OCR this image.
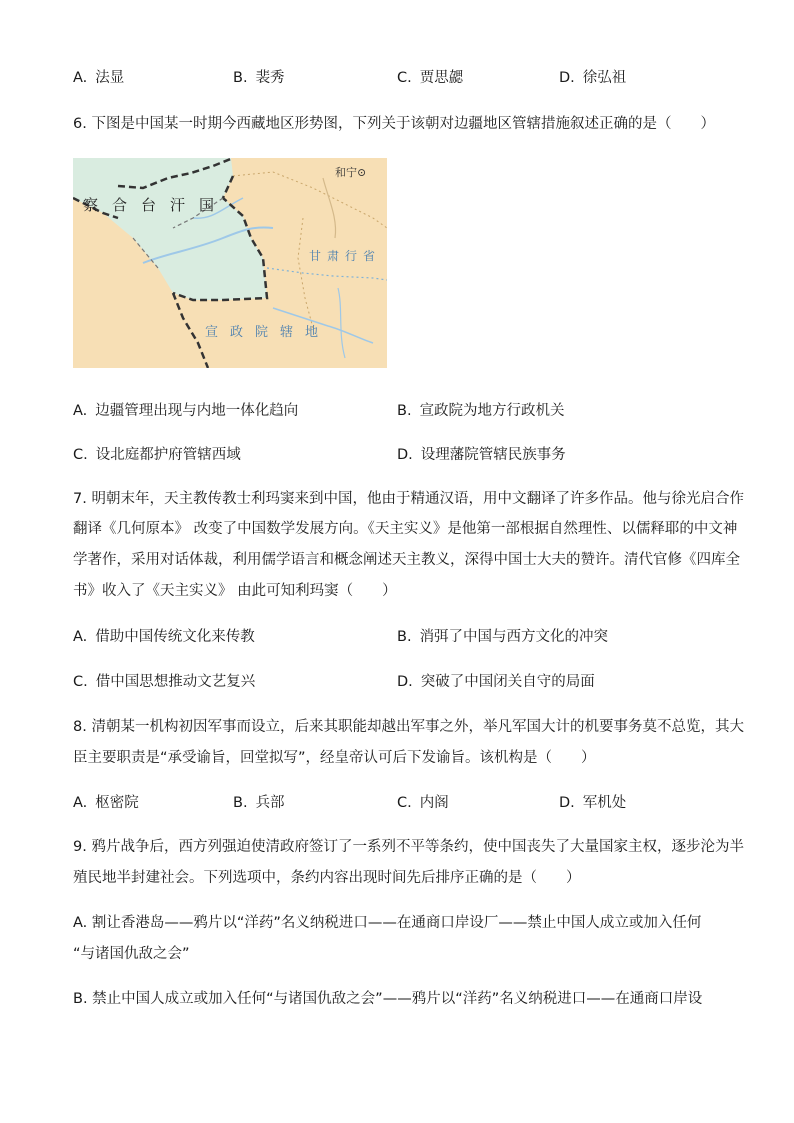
A. 法显	B. 裴秀	C. 贾思勰	D. 徐弘祖
6. 下图是中国某一时期今西藏地区形势图，下列关于该朝对边疆地区管辖措施叙述正确的是（　　）
和宁⊙
察合台汗国
甘肃行省
宣政院辖地
A. 边疆管理出现与内地一体化趋向	B. 宣政院为地方行政机关
C. 设北庭都护府管辖西域	D. 设理藩院管辖民族事务
7. 明朝末年，天主教传教士利玛窦来到中国，他由于精通汉语，用中文翻译了许多作品。他与徐光启合作
翻译《几何原本》 改变了中国数学发展方向。《天主实义》是他第一部根据自然理性、以儒释耶的中文神
学著作，采用对话体裁，利用儒学语言和概念阐述天主教义，深得中国士大夫的赞许。清代官修《四库全
书》收入了《天主实义》 由此可知利玛窦（　　）
A. 借助中国传统文化来传教	B. 消弭了中国与西方文化的冲突
C. 借中国思想推动文艺复兴	D. 突破了中国闭关自守的局面
8. 清朝某一机构初因军事而设立，后来其职能却越出军事之外，举凡军国大计的机要事务莫不总览，其大
臣主要职责是“承受谕旨，回堂拟写”，经皇帝认可后下发谕旨。该机构是（　　）
A. 枢密院	B. 兵部	C. 内阁	D. 军机处
9. 鸦片战争后，西方列强迫使清政府签订了一系列不平等条约，使中国丧失了大量国家主权，逐步沦为半
殖民地半封建社会。下列选项中，条约内容出现时间先后排序正确的是（　　）
A. 割让香港岛——鸦片以“洋药”名义纳税进口——在通商口岸设厂——禁止中国人成立或加入任何
“与诸国仇敌之会”
B. 禁止中国人成立或加入任何“与诸国仇敌之会”——鸦片以“洋药”名义纳税进口——在通商口岸设
